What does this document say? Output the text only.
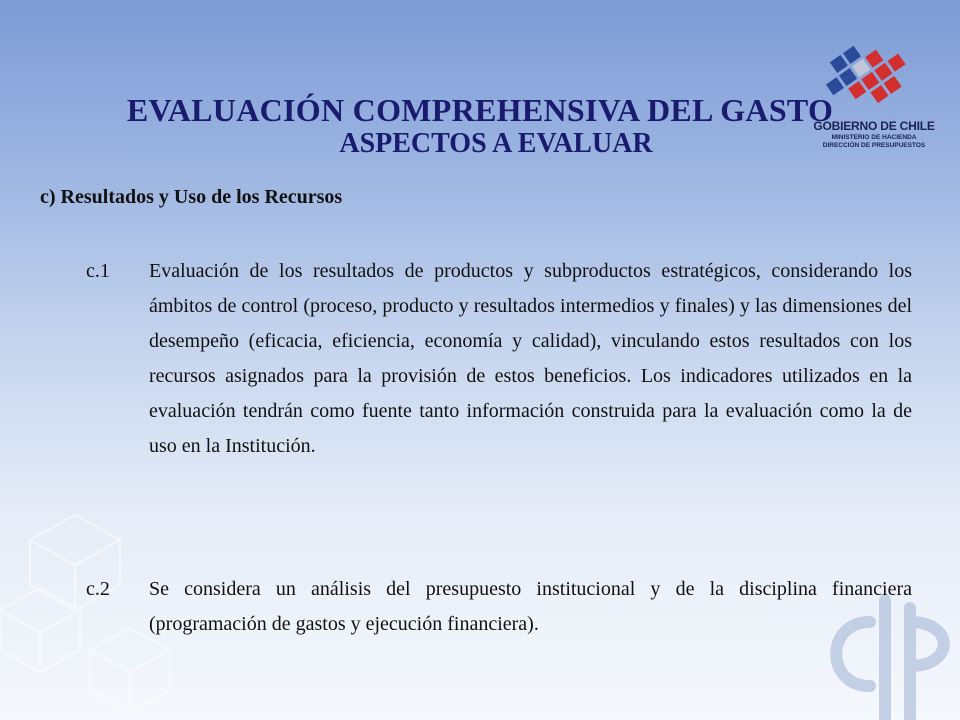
GOBIERNO DE CHILE
MINISTERIO DE HACIENDA
DIRECCIÓN DE PRESUPUESTOS
EVALUACIÓN COMPREHENSIVA DEL GASTO
ASPECTOS A EVALUAR
c) Resultados y Uso de los Recursos
c.1	Evaluación de los resultados de productos y subproductos estratégicos, considerando los ámbitos de control (proceso, producto y resultados intermedios y finales) y las dimensiones del desempeño (eficacia, eficiencia, economía y calidad), vinculando estos resultados con los recursos asignados para la provisión de estos beneficios. Los indicadores utilizados en la evaluación tendrán como fuente tanto información construida para la evaluación como la de uso en la Institución.
c.2	Se considera un análisis del presupuesto institucional y de la disciplina financiera (programación de gastos y ejecución financiera).
